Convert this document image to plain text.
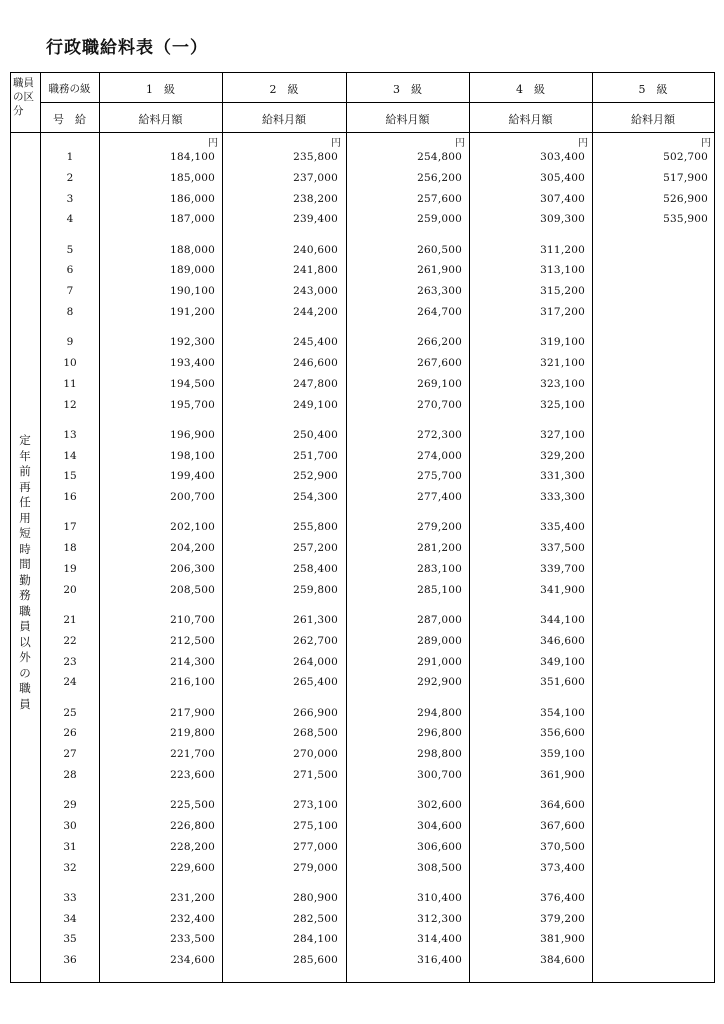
行政職給料表（一）
職員の区分
職務の級
号　給
1　級	2　級	3　級	4　級	5　級
給料月額	給料月額	給料月額	給料月額	給料月額
円	円	円	円	円
定年前再任用短時間勤務職員以外の職員
1	184,100	235,800	254,800	303,400	502,700
2	185,000	237,000	256,200	305,400	517,900
3	186,000	238,200	257,600	307,400	526,900
4	187,000	239,400	259,000	309,300	535,900
5	188,000	240,600	260,500	311,200
6	189,000	241,800	261,900	313,100
7	190,100	243,000	263,300	315,200
8	191,200	244,200	264,700	317,200
9	192,300	245,400	266,200	319,100
10	193,400	246,600	267,600	321,100
11	194,500	247,800	269,100	323,100
12	195,700	249,100	270,700	325,100
13	196,900	250,400	272,300	327,100
14	198,100	251,700	274,000	329,200
15	199,400	252,900	275,700	331,300
16	200,700	254,300	277,400	333,300
17	202,100	255,800	279,200	335,400
18	204,200	257,200	281,200	337,500
19	206,300	258,400	283,100	339,700
20	208,500	259,800	285,100	341,900
21	210,700	261,300	287,000	344,100
22	212,500	262,700	289,000	346,600
23	214,300	264,000	291,000	349,100
24	216,100	265,400	292,900	351,600
25	217,900	266,900	294,800	354,100
26	219,800	268,500	296,800	356,600
27	221,700	270,000	298,800	359,100
28	223,600	271,500	300,700	361,900
29	225,500	273,100	302,600	364,600
30	226,800	275,100	304,600	367,600
31	228,200	277,000	306,600	370,500
32	229,600	279,000	308,500	373,400
33	231,200	280,900	310,400	376,400
34	232,400	282,500	312,300	379,200
35	233,500	284,100	314,400	381,900
36	234,600	285,600	316,400	384,600
